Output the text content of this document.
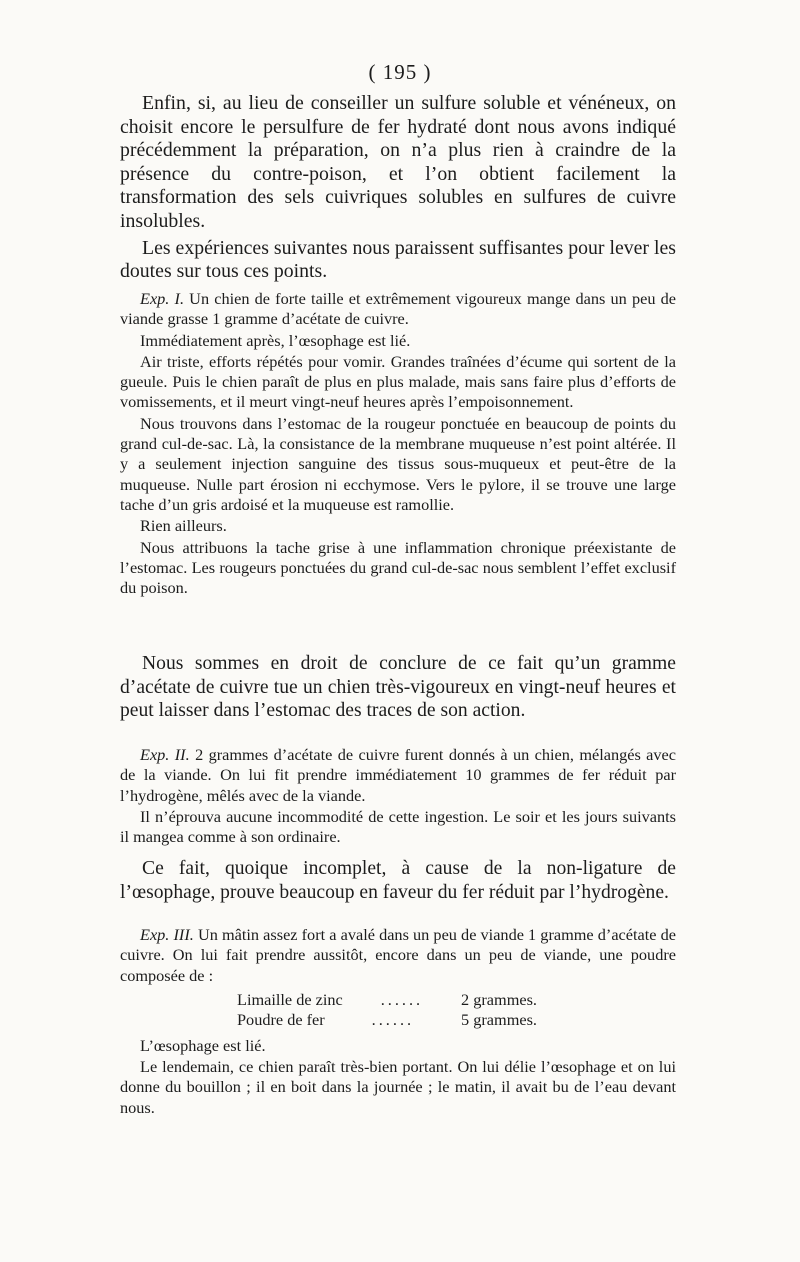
( 195 )

Enfin, si, au lieu de conseiller un sulfure soluble et vénéneux, on choisit encore le persulfure de fer hydraté dont nous avons indiqué précédemment la préparation, on n’a plus rien à craindre de la présence du contre-poison, et l’on obtient facilement la transformation des sels cuivriques solubles en sulfures de cuivre insolubles.

Les expériences suivantes nous paraissent suffisantes pour lever les doutes sur tous ces points.

Exp. I. Un chien de forte taille et extrêmement vigoureux mange dans un peu de viande grasse 1 gramme d’acétate de cuivre.

Immédiatement après, l’œsophage est lié.

Air triste, efforts répétés pour vomir. Grandes traînées d’écume qui sortent de la gueule. Puis le chien paraît de plus en plus malade, mais sans faire plus d’efforts de vomissements, et il meurt vingt-neuf heures après l’empoisonnement.

Nous trouvons dans l’estomac de la rougeur ponctuée en beaucoup de points du grand cul-de-sac. Là, la consistance de la membrane muqueuse n’est point altérée. Il y a seulement injection sanguine des tissus sous-muqueux et peut-être de la muqueuse. Nulle part érosion ni ecchymose. Vers le pylore, il se trouve une large tache d’un gris ardoisé et la muqueuse est ramollie.

Rien ailleurs.

Nous attribuons la tache grise à une inflammation chronique préexistante de l’estomac. Les rougeurs ponctuées du grand cul-de-sac nous semblent l’effet exclusif du poison.

Nous sommes en droit de conclure de ce fait qu’un gramme d’acétate de cuivre tue un chien très-vigoureux en vingt-neuf heures et peut laisser dans l’estomac des traces de son action.

Exp. II. 2 grammes d’acétate de cuivre furent donnés à un chien, mélangés avec de la viande. On lui fit prendre immédiatement 10 grammes de fer réduit par l’hydrogène, mêlés avec de la viande.

Il n’éprouva aucune incommodité de cette ingestion. Le soir et les jours suivants il mangea comme à son ordinaire.

Ce fait, quoique incomplet, à cause de la non-ligature de l’œsophage, prouve beaucoup en faveur du fer réduit par l’hydrogène.

Exp. III. Un mâtin assez fort a avalé dans un peu de viande 1 gramme d’acétate de cuivre. On lui fait prendre aussitôt, encore dans un peu de viande, une poudre composée de :

Limaille de zinc	......	2 grammes.
Poudre de fer	......	5 grammes.

L’œsophage est lié.

Le lendemain, ce chien paraît très-bien portant. On lui délie l’œsophage et on lui donne du bouillon ; il en boit dans la journée ; le matin, il avait bu de l’eau devant nous.
